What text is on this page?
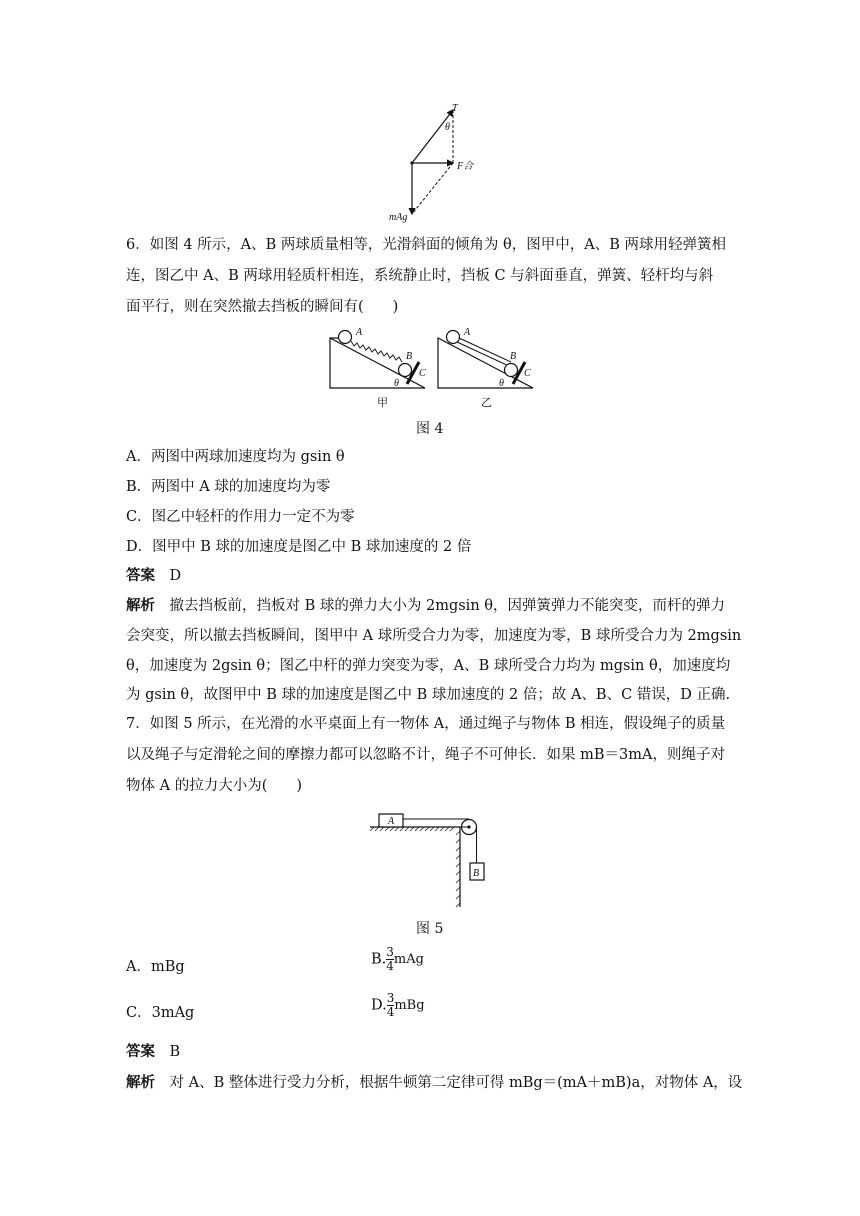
T
θ
F合
mAg
6．如图 4 所示，A、B 两球质量相等，光滑斜面的倾角为 θ，图甲中，A、B 两球用轻弹簧相
连，图乙中 A、B 两球用轻质杆相连，系统静止时，挡板 C 与斜面垂直，弹簧、轻杆均与斜
面平行，则在突然撤去挡板的瞬间有(　　)
A
B
C
θ
甲
A
B
C
θ
乙
图 4
A．两图中两球加速度均为 gsin θ
B．两图中 A 球的加速度均为零
C．图乙中轻杆的作用力一定不为零
D．图甲中 B 球的加速度是图乙中 B 球加速度的 2 倍
答案　 D
解析　 撤去挡板前，挡板对 B 球的弹力大小为 2mgsin θ，因弹簧弹力不能突变，而杆的弹力
会突变，所以撤去挡板瞬间，图甲中 A 球所受合力为零，加速度为零，B 球所受合力为 2mgsin
θ，加速度为 2gsin θ；图乙中杆的弹力突变为零，A、B 球所受合力均为 mgsin θ，加速度均
为 gsin θ，故图甲中 B 球的加速度是图乙中 B 球加速度的 2 倍；故 A、B、C 错误，D 正确.
7．如图 5 所示，在光滑的水平桌面上有一物体 A，通过绳子与物体 B 相连，假设绳子的质量
以及绳子与定滑轮之间的摩擦力都可以忽略不计，绳子不可伸长．如果 mB＝3mA，则绳子对
物体 A 的拉力大小为(　　)
A
B
图 5
A．mBg	B. $\frac{3}{4}$ mAg
C．3mAg	D. $\frac{3}{4}$ mBg
答案　 B
解析　 对 A、B 整体进行受力分析，根据牛顿第二定律可得 mBg＝(mA＋mB)a，对物体 A，设
